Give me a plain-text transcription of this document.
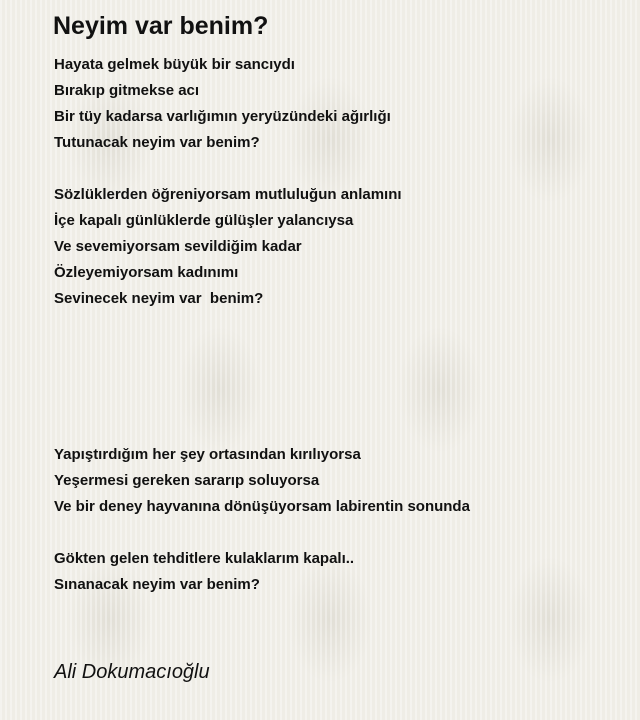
Neyim var benim?
Hayata gelmek büyük bir sancıydı
Bırakıp gitmekse acı
Bir tüy kadarsa varlığımın yeryüzündeki ağırlığı
Tutunacak neyim var benim?
Sözlüklerden öğreniyorsam mutluluğun anlamını
İçe kapalı günlüklerde gülüşler yalancıysa
Ve sevemiyorsam sevildiğim kadar
Özleyemiyorsam kadınımı
Sevinecek neyim var  benim?
Yapıştırdığım her şey ortasından kırılıyorsa
Yeşermesi gereken sararıp soluyorsa
Ve bir deney hayvanına dönüşüyorsam labirentin sonunda
Gökten gelen tehditlere kulaklarım kapalı..
Sınanacak neyim var benim?
Ali Dokumacıoğlu
